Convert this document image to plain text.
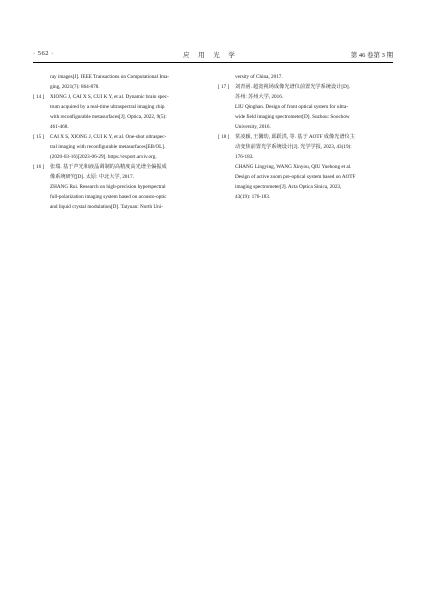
· 562 ·	应 用 光 学	第 46 卷第 3 期
ray images[J]. IEEE Transactions on Computational Ima-
ging, 2021(7): 864-878.
[ 14 ] XIONG J, CAI X S, CUI K Y, et al. Dynamic brain spec-
trum acquired by a real-time ultraspectral imaging chip
with reconfigurable metasurfaces[J]. Optica, 2022, 9(5):
461-468.
[ 15 ] CAI X S, XIONG J, CUI K Y, et al. One-shot ultraspec-
tral imaging with reconfigurable metasurfaces[EB/OL].
(2020-03-16)[2023-06-29]. https://export.arxiv.org.
[ 16 ] 张瑞. 基于声光和液晶调制的高精度高光谱全偏振成
像系统研究[D]. 太原: 中北大学, 2017.
ZHANG Rui. Research on high-precision hyperspectral
full-polarization imaging system based on acousto-optic
and liquid crystal modulation[D]. Taiyuan: North Uni-
versity of China, 2017.
[ 17 ] 刘青函. 超宽视场成像光谱仪前置光学系统设计[D].
苏州: 苏州大学, 2016.
LIU Qinghan. Design of front optical system for ultra-
wide field imaging spectrometer[D]. Suzhou: Soochow
University, 2016.
[ 18 ] 常凌颖, 王馨幼, 邱跃洪, 等. 基于 AOTF 成像光谱仪主
动变焦前置光学系统设计[J]. 光学学报, 2023, 43(19):
176-183.
CHANG Lingying, WANG Xinyou, QIU Yuehong et al.
Design of active zoom pre-optical system based on AOTF
imaging spectrometer[J]. Acta Optica Sinica, 2023,
43(19): 176-183.
